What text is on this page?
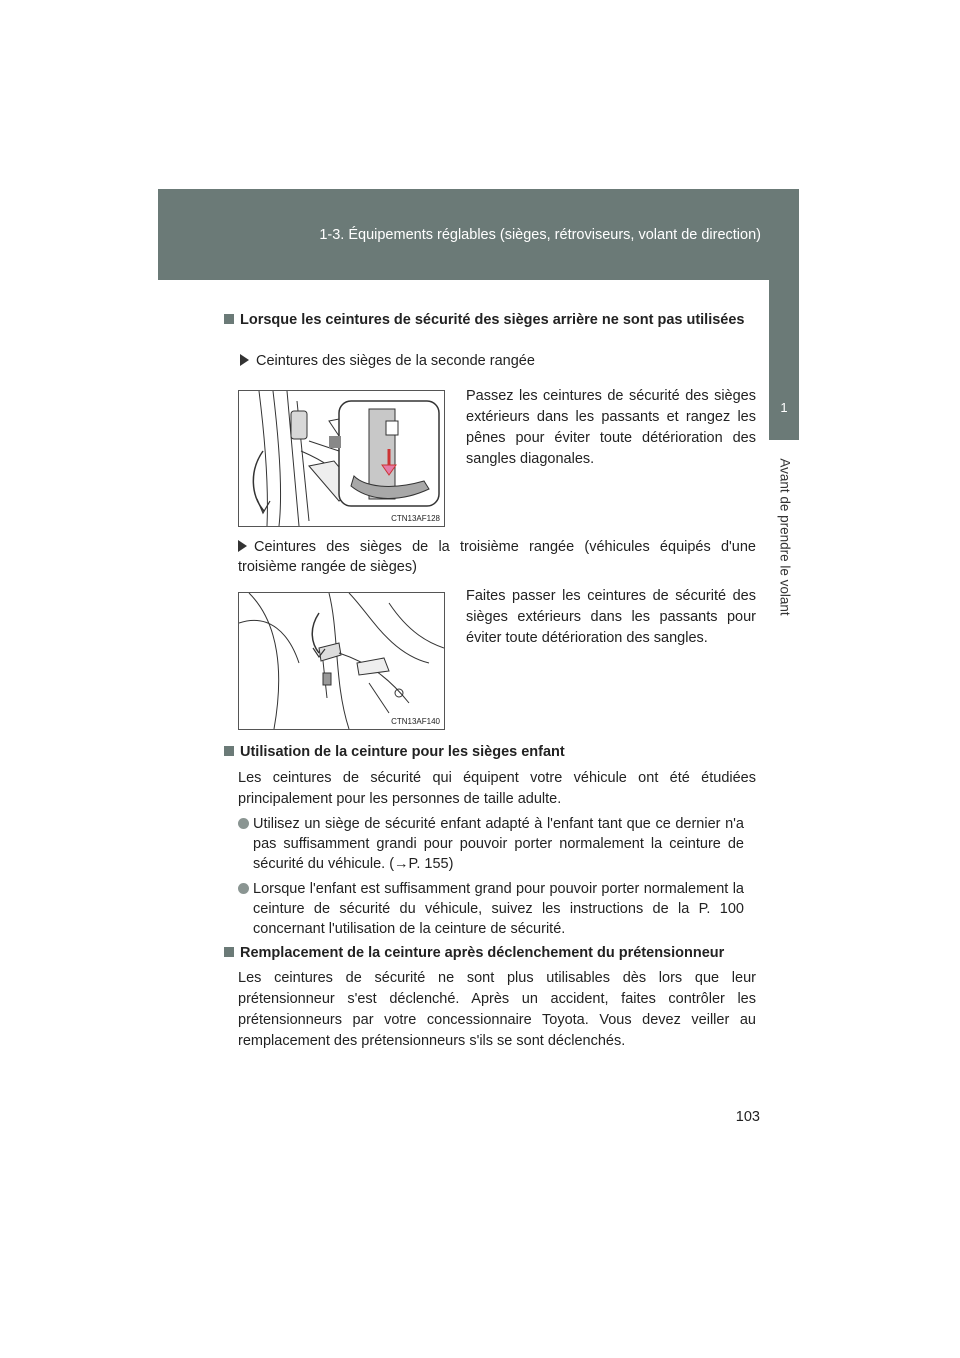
1-3. Équipements réglables (sièges, rétroviseurs, volant de direction)
1
Avant de prendre le volant
Lorsque les ceintures de sécurité des sièges arrière ne sont pas utilisées
Ceintures des sièges de la seconde rangée
Passez les ceintures de sécurité des sièges extérieurs dans les passants et rangez les pênes pour éviter toute détérioration des sangles diagonales.
Ceintures des sièges de la troisième rangée (véhicules équipés d'une troisième rangée de sièges)
Faites passer les ceintures de sécurité des sièges extérieurs dans les passants pour éviter toute détérioration des sangles.
Utilisation de la ceinture pour les sièges enfant
Les ceintures de sécurité qui équipent votre véhicule ont été étudiées principalement pour les personnes de taille adulte.
Utilisez un siège de sécurité enfant adapté à l'enfant tant que ce dernier n'a pas suffisamment grandi pour pouvoir porter normalement la ceinture de sécurité du véhicule. (→P. 155)
Lorsque l'enfant est suffisamment grand pour pouvoir porter normalement la ceinture de sécurité du véhicule, suivez les instructions de la P. 100 concernant l'utilisation de la ceinture de sécurité.
Remplacement de la ceinture après déclenchement du prétensionneur
Les ceintures de sécurité ne sont plus utilisables dès lors que leur prétensionneur s'est déclenché. Après un accident, faites contrôler les prétensionneurs par votre concessionnaire Toyota. Vous devez veiller au remplacement des prétensionneurs s'ils se sont déclenchés.
CTN13AF128
CTN13AF140
103
